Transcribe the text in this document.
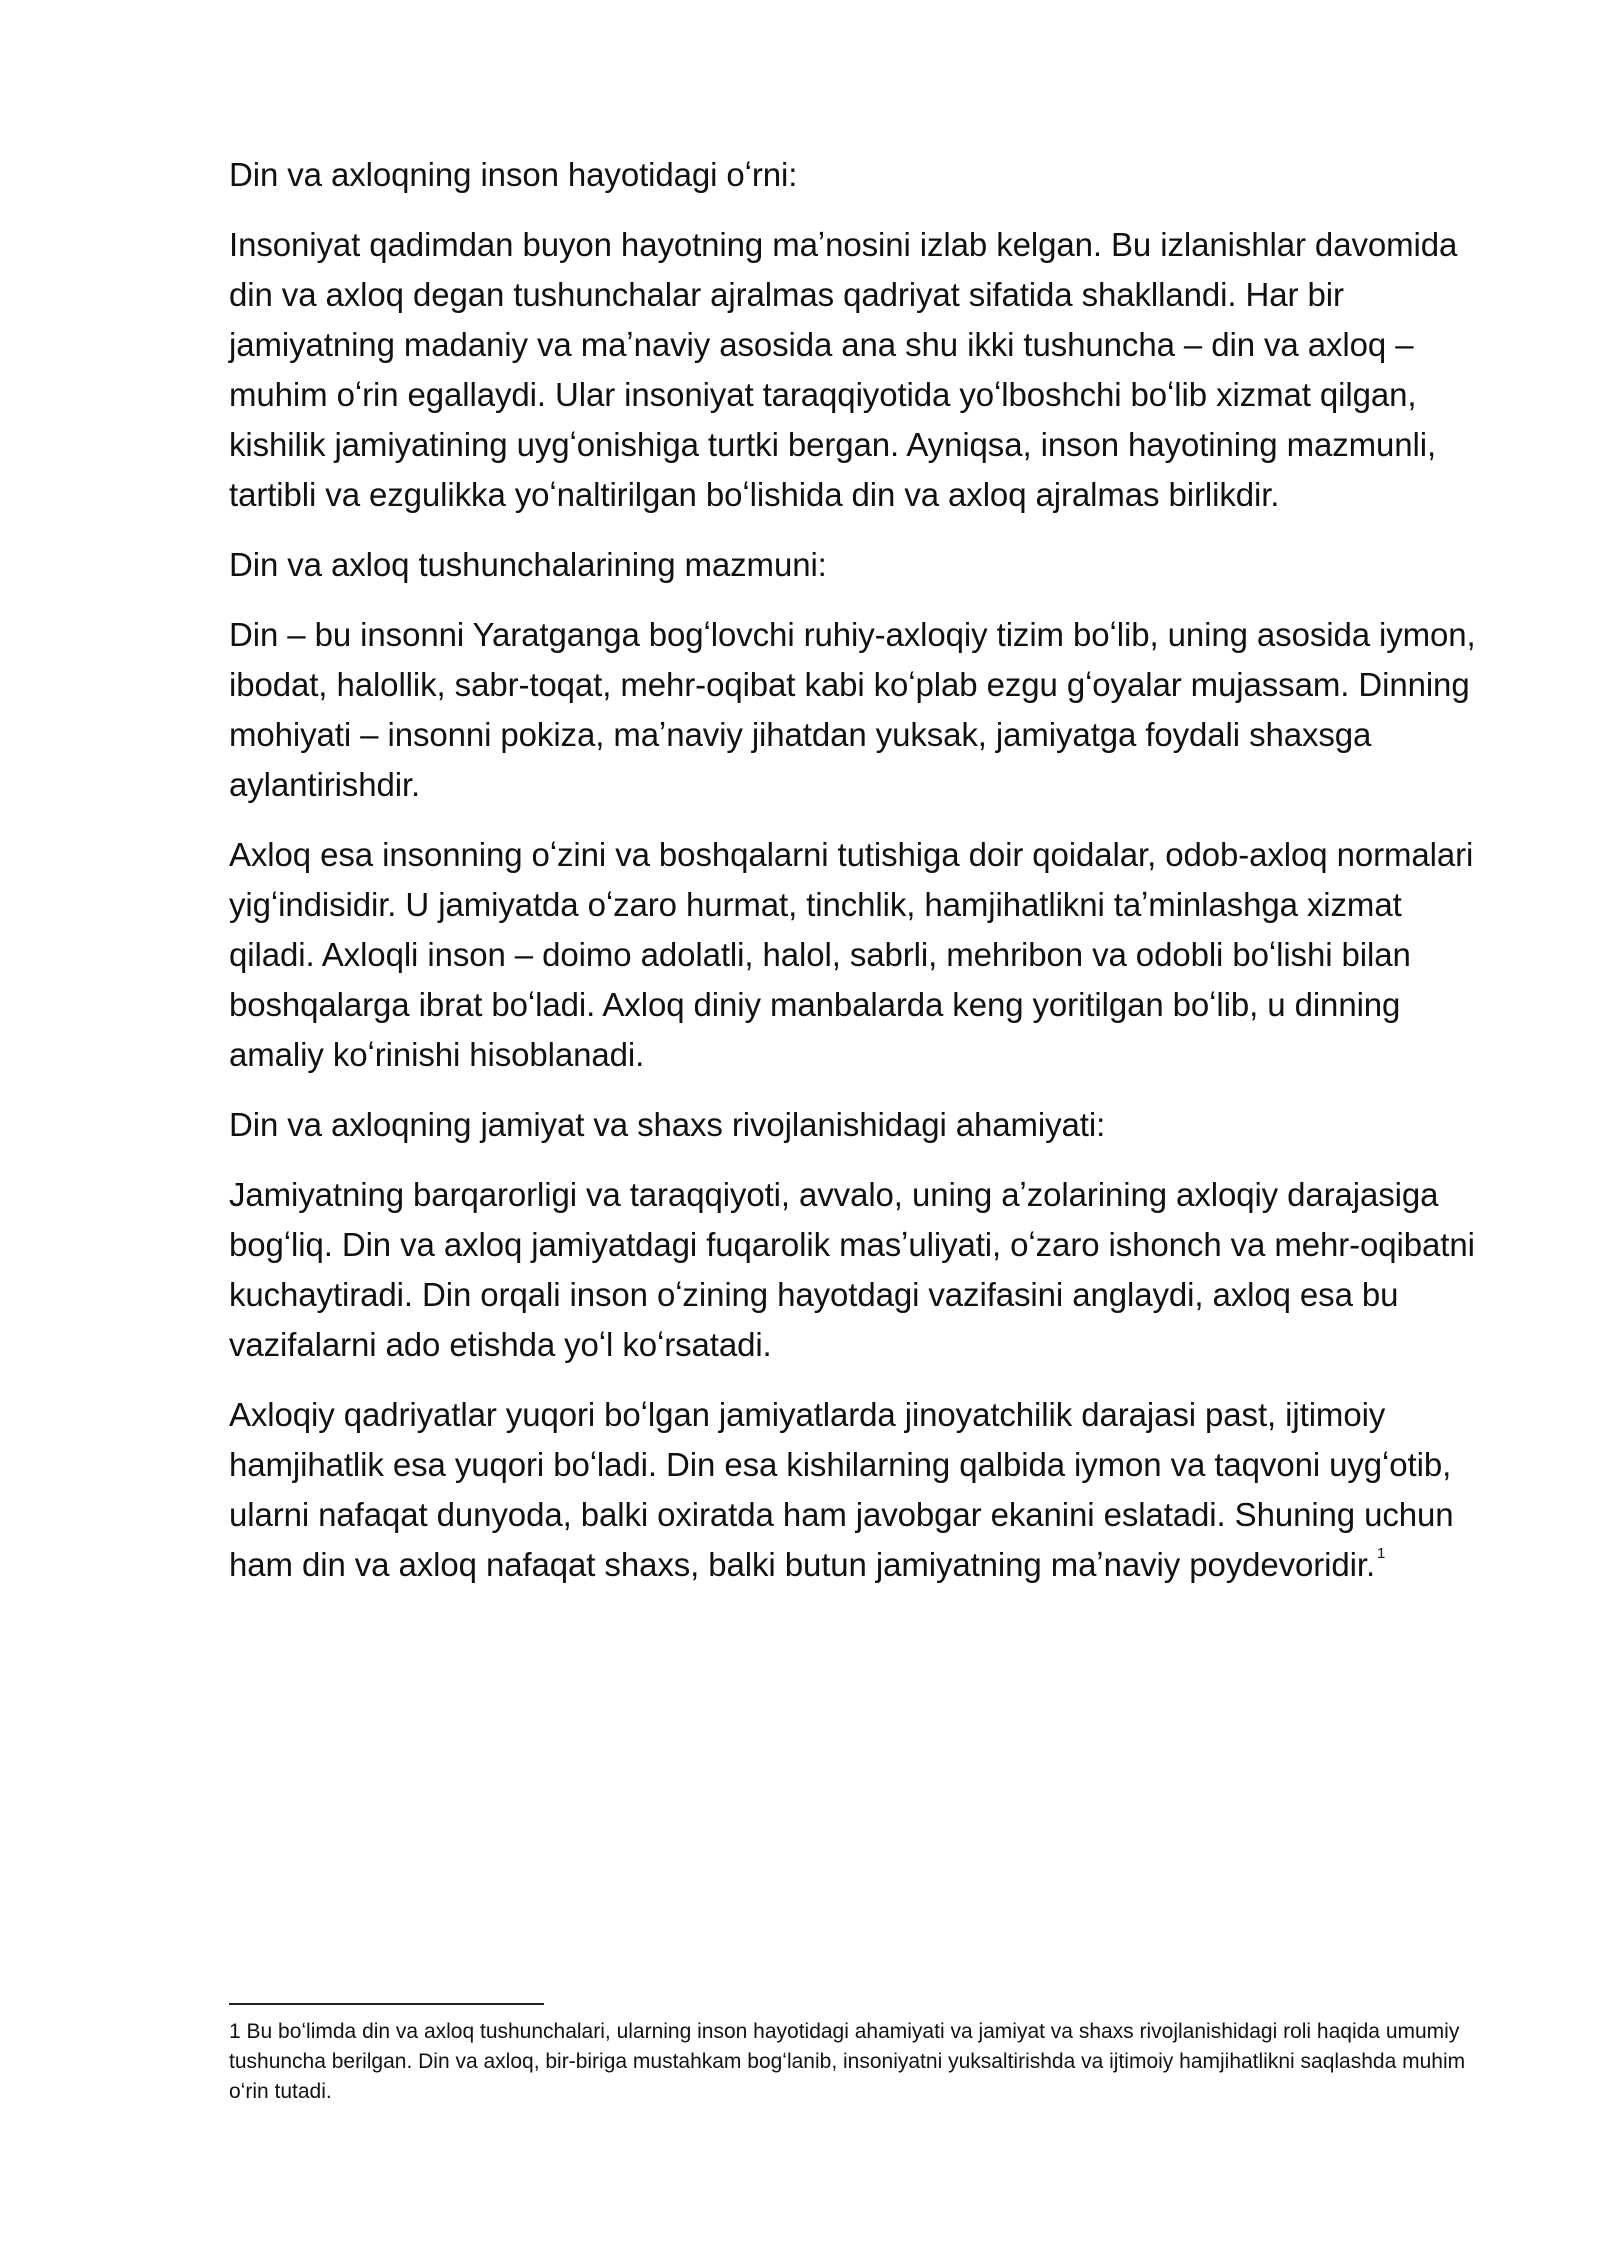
Din va axloqning inson hayotidagi oʻrni:

Insoniyat qadimdan buyon hayotning maʼnosini izlab kelgan. Bu izlanishlar davomida din va axloq degan tushunchalar ajralmas qadriyat sifatida shakllandi. Har bir jamiyatning madaniy va maʼnaviy asosida ana shu ikki tushuncha – din va axloq – muhim oʻrin egallaydi. Ular insoniyat taraqqiyotida yoʻlboshchi boʻlib xizmat qilgan, kishilik jamiyatining uygʻonishiga turtki bergan. Ayniqsa, inson hayotining mazmunli, tartibli va ezgulikka yoʻnaltirilgan boʻlishida din va axloq ajralmas birlikdir.

Din va axloq tushunchalarining mazmuni:

Din – bu insonni Yaratganga bogʻlovchi ruhiy-axloqiy tizim boʻlib, uning asosida iymon, ibodat, halollik, sabr-toqat, mehr-oqibat kabi koʻplab ezgu gʻoyalar mujassam. Dinning mohiyati – insonni pokiza, maʼnaviy jihatdan yuksak, jamiyatga foydali shaxsga aylantirishdir.

Axloq esa insonning oʻzini va boshqalarni tutishiga doir qoidalar, odob-axloq normalari yigʻindisidir. U jamiyatda oʻzaro hurmat, tinchlik, hamjihatlikni taʼminlashga xizmat qiladi. Axloqli inson – doimo adolatli, halol, sabrli, mehribon va odobli boʻlishi bilan boshqalarga ibrat boʻladi. Axloq diniy manbalarda keng yoritilgan boʻlib, u dinning amaliy koʻrinishi hisoblanadi.

Din va axloqning jamiyat va shaxs rivojlanishidagi ahamiyati:

Jamiyatning barqarorligi va taraqqiyoti, avvalo, uning aʼzolarining axloqiy darajasiga bogʻliq. Din va axloq jamiyatdagi fuqarolik masʼuliyati, oʻzaro ishonch va mehr-oqibatni kuchaytiradi. Din orqali inson oʻzining hayotdagi vazifasini anglaydi, axloq esa bu vazifalarni ado etishda yoʻl koʻrsatadi.

Axloqiy qadriyatlar yuqori boʻlgan jamiyatlarda jinoyatchilik darajasi past, ijtimoiy hamjihatlik esa yuqori boʻladi. Din esa kishilarning qalbida iymon va taqvoni uygʻotib, ularni nafaqat dunyoda, balki oxiratda ham javobgar ekanini eslatadi. Shuning uchun ham din va axloq nafaqat shaxs, balki butun jamiyatning maʼnaviy poydevoridir. $^1$

1 Bu boʻlimda din va axloq tushunchalari, ularning inson hayotidagi ahamiyati va jamiyat va shaxs rivojlanishidagi roli haqida umumiy tushuncha berilgan. Din va axloq, bir-biriga mustahkam bogʻlanib, insoniyatni yuksaltirishda va ijtimoiy hamjihatlikni saqlashda muhim oʻrin tutadi.
